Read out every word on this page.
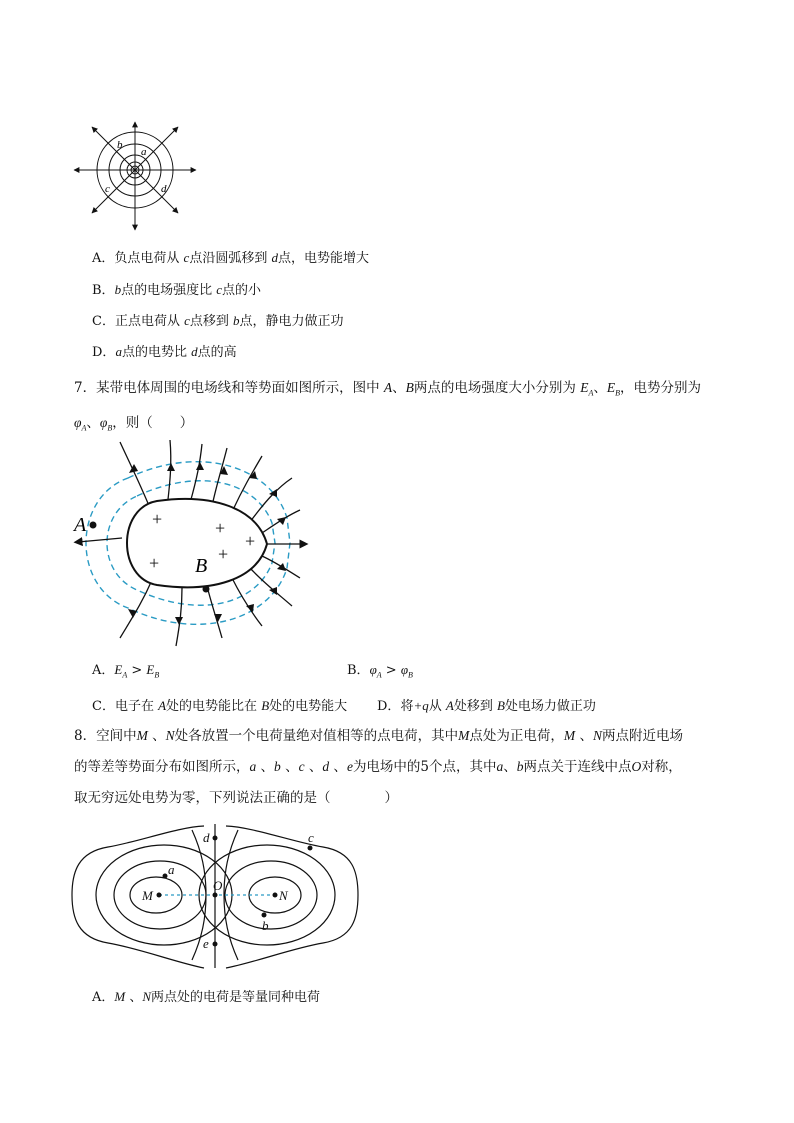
b
a
c	d
A．负点电荷从 c点沿圆弧移到 d点，电势能增大
B．b点的电场强度比 c点的小
C．正点电荷从 c点移到 b点，静电力做正功
D．a点的电势比 d点的高
7．某带电体周围的电场线和等势面如图所示，图中 A、B两点的电场强度大小分别为 $E_A$、$E_B$，电势分别为
$\varphi_A$、$\varphi_B$，则（　　）
+	+
+
+
+
A
B
A．$E_A > E_B$	B．$\varphi_A > \varphi_B$
C．电子在 A处的电势能比在 B处的电势能大 D．将+q从 A处移到 B处电场力做正功
8．空间中M 、N处各放置一个电荷量绝对值相等的点电荷，其中M点处为正电荷，M 、N两点附近电场
的等差等势面分布如图所示，a 、b 、c 、d 、e为电场中的5个点，其中a、b两点关于连线中点O对称，
取无穷远处电势为零，下列说法正确的是（　　　　）
M	N
O
d
e
a
b
c
A．M 、N两点处的电荷是等量同种电荷
